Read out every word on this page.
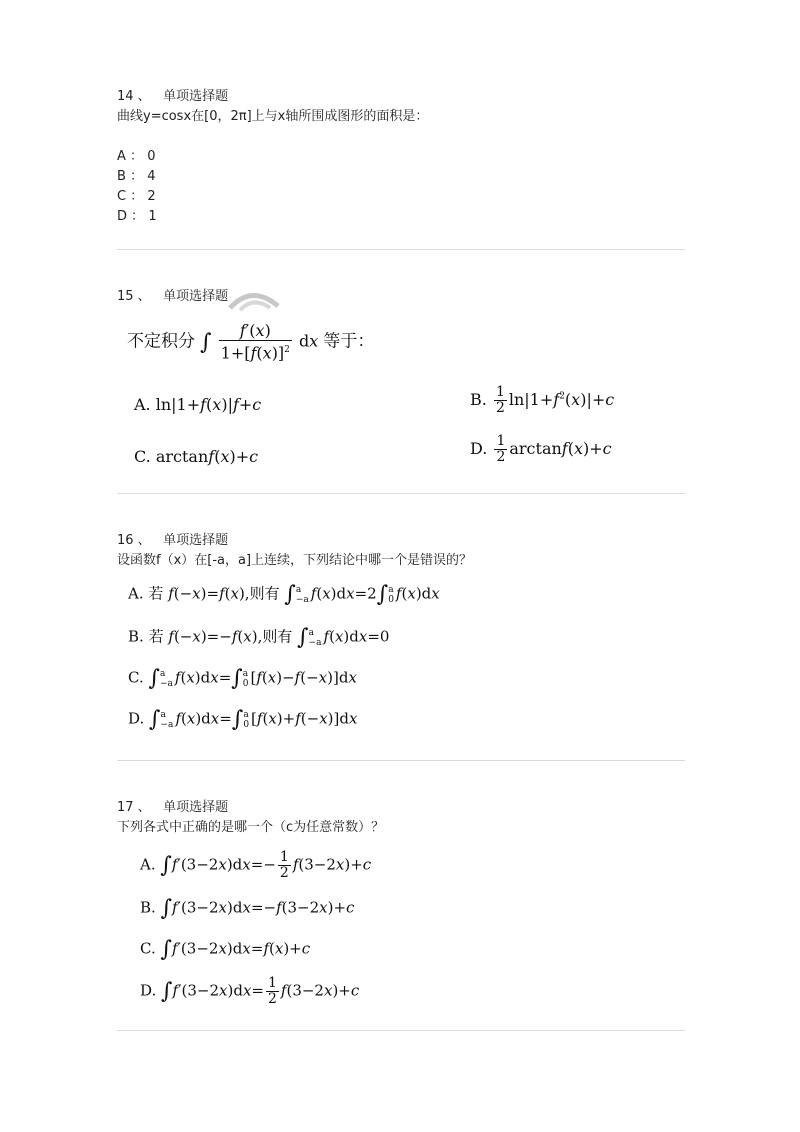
14 、 单项选择题
曲线y=cosx在[0，2π]上与x轴所围成图形的面积是：
A ： 0
B ： 4
C ： 2
D ： 1
15 、 单项选择题
不定积分 ∫ $\frac{f'(x)}{1+[f(x)]^2}$ dx 等于：
A. ln|1+f(x)|f+c	B. $\frac{1}{2} \ln|1+f^2(x)|+c$
C. arctanf(x)+c	D. $\frac{1}{2} \arctan f(x)+c$
16 、 单项选择题
设函数f（x）在[-a，a]上连续，下列结论中哪一个是错误的？
A. 若 f(−x)=f(x),则有 ∫ a
−a f(x)dx=2∫ a
0 f(x)dx
B. 若 f(−x)=−f(x),则有 ∫ a
−a f(x)dx=0
C. ∫ a
−a f(x)dx=∫ a
0 [f(x)−f(−x)]dx
D. ∫ a
−a f(x)dx=∫ a
0 [f(x)+f(−x)]dx
17 、 单项选择题
下列各式中正确的是哪一个（c为任意常数）？
A. $\int f'(3-2x)dx=- \frac{1}{2} f(3-2x)+c$
B. ∫f′(3−2x)dx=−f(3−2x)+c
C. ∫f′(3−2x)dx=f(x)+c
D. $\int f'(3-2x)dx= \frac{1}{2} f(3-2x)+c$
